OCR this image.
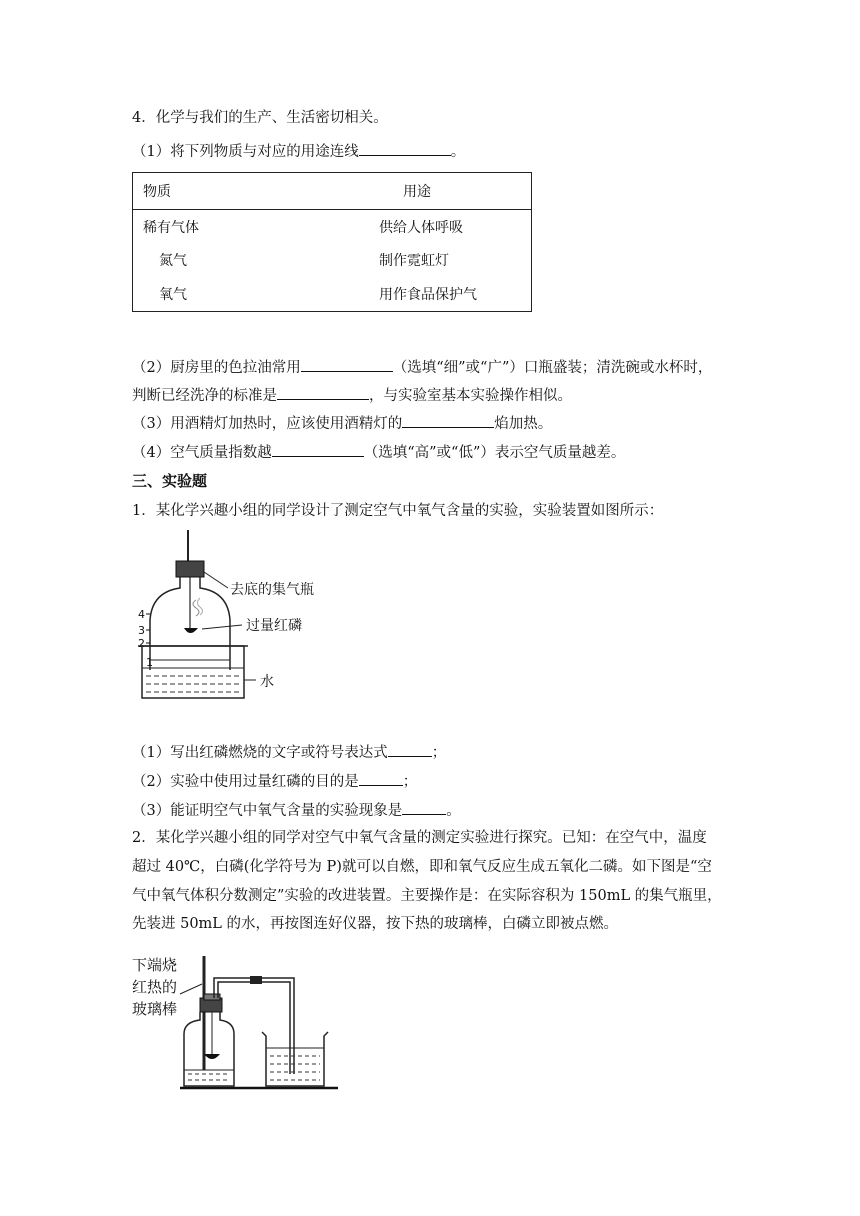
4．化学与我们的生产、生活密切相关。
（1）将下列物质与对应的用途连线	。
物质	用途
稀有气体	供给人体呼吸
氮气	制作霓虹灯
氧气	用作食品保护气
（2）厨房里的色拉油常用	（选填“细”或“广”）口瓶盛装；清洗碗或水杯时，
判断已经洗净的标准是	，与实验室基本实验操作相似。
（3）用酒精灯加热时，应该使用酒精灯的	焰加热。
（4）空气质量指数越	（选填“高”或“低”）表示空气质量越差。
三、实验题
1．某化学兴趣小组的同学设计了测定空气中氧气含量的实验，实验装置如图所示：
4
3
2
1
去底的集气瓶
过量红磷
水
（1）写出红磷燃烧的文字或符号表达式	；
（2）实验中使用过量红磷的目的是	；
（3）能证明空气中氧气含量的实验现象是	。
2．某化学兴趣小组的同学对空气中氧气含量的测定实验进行探究。已知：在空气中，温度
超过 40℃，白磷(化学符号为 P)就可以自燃，即和氧气反应生成五氧化二磷。如下图是“空
气中氧气体积分数测定”实验的改进装置。主要操作是：在实际容积为 150mL 的集气瓶里，
先装进 50mL 的水，再按图连好仪器，按下热的玻璃棒，白磷立即被点燃。
下端烧
红热的
玻璃棒
